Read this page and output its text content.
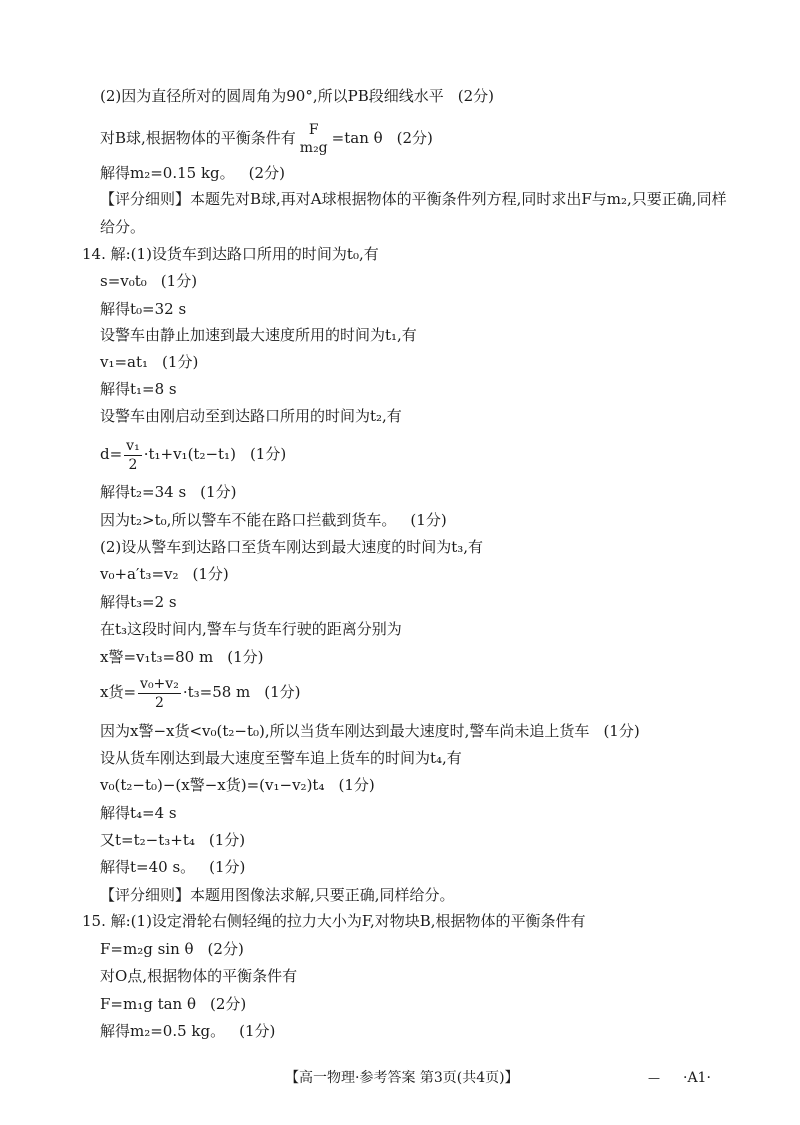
(2)因为直径所对的圆周角为90°,所以PB段细线水平 (2分)
对B球,根据物体的平衡条件有 F
m₂g
=tan θ (2分)
解得m₂=0.15 kg。 (2分)
【评分细则】本题先对B球,再对A球根据物体的平衡条件列方程,同时求出F与m₂,只要正确,同样给分。
14. 解:(1)设货车到达路口所用的时间为t₀,有
s=v₀t₀ (1分)
解得t₀=32 s
设警车由静止加速到最大速度所用的时间为t₁,有
v₁=at₁ (1分)
解得t₁=8 s
设警车由刚启动至到达路口所用的时间为t₂,有
$d= \frac{\text{v₁}}{2} \cdot t_1+v_1(t_2-t_1)$ (1分)
解得t₂=34 s (1分)
因为t₂>t₀,所以警车不能在路口拦截到货车。 (1分)
(2)设从警车到达路口至货车刚达到最大速度的时间为t₃,有
v₀+a′t₃=v₂ (1分)
解得t₃=2 s
在t₃这段时间内,警车与货车行驶的距离分别为
x警=v₁t₃=80 m (1分)
x货= $\frac{\text{v₀+v₂}}{2} \cdot t_3=58$ m (1分)
因为x警−x货<v₀(t₂−t₀),所以当货车刚达到最大速度时,警车尚未追上货车 (1分)
设从货车刚达到最大速度至警车追上货车的时间为t₄,有
v₀(t₂−t₀)−(x警−x货)=(v₁−v₂)t₄ (1分)
解得t₄=4 s
又t=t₂−t₃+t₄ (1分)
解得t=40 s。 (1分)
【评分细则】本题用图像法求解,只要正确,同样给分。
15. 解:(1)设定滑轮右侧轻绳的拉力大小为F,对物块B,根据物体的平衡条件有
F=m₂g sin θ (2分)
对O点,根据物体的平衡条件有
F=m₁g tan θ (2分)
解得m₂=0.5 kg。 (1分)
【高一物理·参考答案 第3页(共4页)】	— ·A1·
